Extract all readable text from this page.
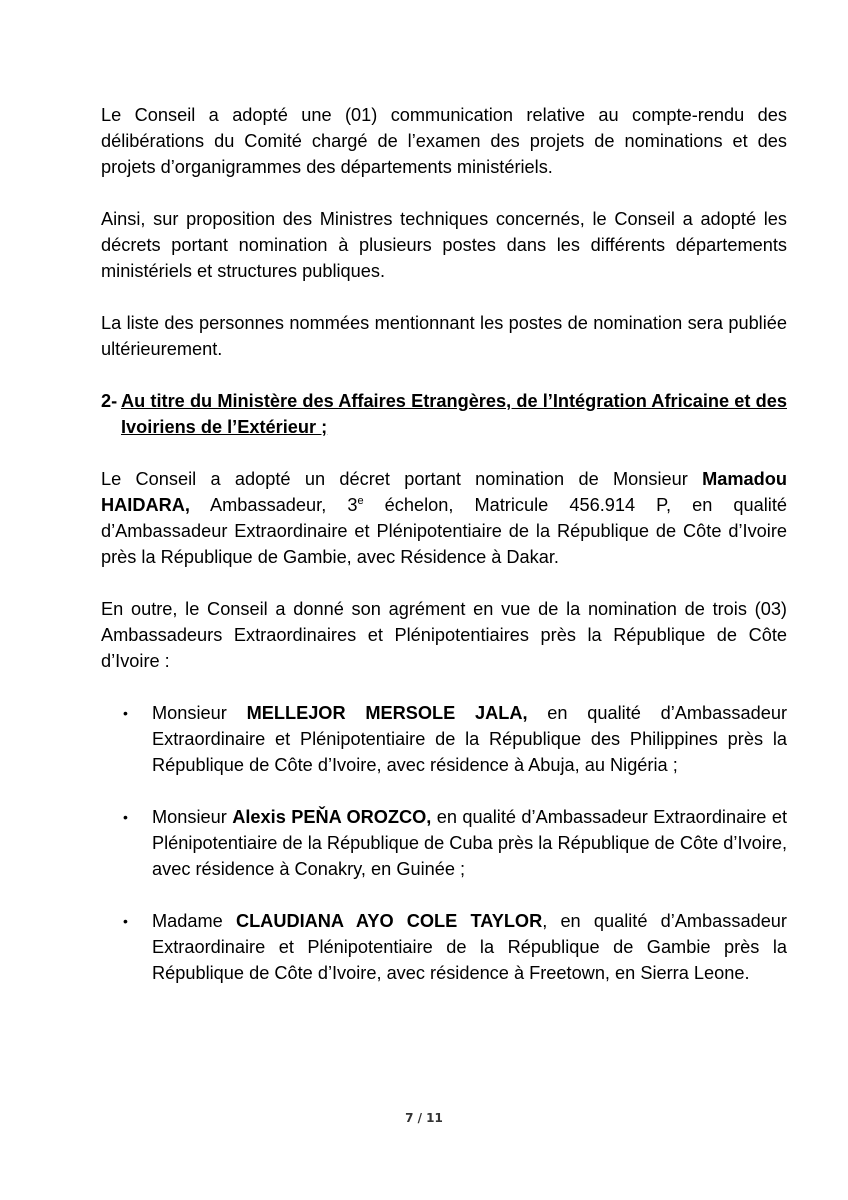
Le Conseil a adopté une (01) communication relative au compte-rendu des délibérations du Comité chargé de l’examen des projets de nominations et des projets d’organigrammes des départements ministériels.

Ainsi, sur proposition des Ministres techniques concernés, le Conseil a adopté les décrets portant nomination à plusieurs postes dans les différents départements ministériels et structures publiques.

La liste des personnes nommées mentionnant les postes de nomination sera publiée ultérieurement.

2- Au titre du Ministère des Affaires Etrangères, de l’Intégration Africaine et des Ivoiriens de l’Extérieur ;

Le Conseil a adopté un décret portant nomination de Monsieur Mamadou HAIDARA, Ambassadeur, 3e échelon, Matricule 456.914 P, en qualité d’Ambassadeur Extraordinaire et Plénipotentiaire de la République de Côte d’Ivoire près la République de Gambie, avec Résidence à Dakar.

En outre, le Conseil a donné son agrément en vue de la nomination de trois (03) Ambassadeurs Extraordinaires et Plénipotentiaires près la République de Côte d’Ivoire :

• Monsieur MELLEJOR MERSOLE JALA, en qualité d’Ambassadeur Extraordinaire et Plénipotentiaire de la République des Philippines près la République de Côte d’Ivoire, avec résidence à Abuja, au Nigéria ;
• Monsieur Alexis PEŇA OROZCO, en qualité d’Ambassadeur Extraordinaire et Plénipotentiaire de la République de Cuba près la République de Côte d’Ivoire, avec résidence à Conakry, en Guinée ;
• Madame CLAUDIANA AYO COLE TAYLOR, en qualité d’Ambassadeur Extraordinaire et Plénipotentiaire de la République de Gambie près la République de Côte d’Ivoire, avec résidence à Freetown, en Sierra Leone.
7 / 11
